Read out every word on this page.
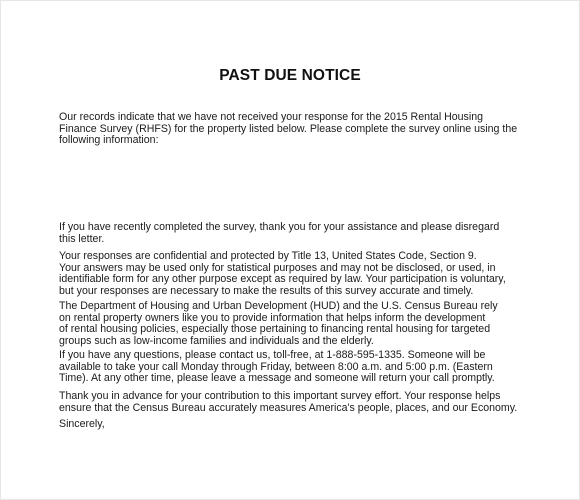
PAST DUE NOTICE

Our records indicate that we have not received your response for the 2015 Rental Housing
Finance Survey (RHFS) for the property listed below. Please complete the survey online using the
following information:

If you have recently completed the survey, thank you for your assistance and please disregard
this letter.

Your responses are confidential and protected by Title 13, United States Code, Section 9.
Your answers may be used only for statistical purposes and may not be disclosed, or used, in
identifiable form for any other purpose except as required by law. Your participation is voluntary,
but your responses are necessary to make the results of this survey accurate and timely.

The Department of Housing and Urban Development (HUD) and the U.S. Census Bureau rely
on rental property owners like you to provide information that helps inform the development
of rental housing policies, especially those pertaining to financing rental housing for targeted
groups such as low-income families and individuals and the elderly.

If you have any questions, please contact us, toll-free, at 1-888-595-1335. Someone will be
available to take your call Monday through Friday, between 8:00 a.m. and 5:00 p.m. (Eastern
Time). At any other time, please leave a message and someone will return your call promptly.

Thank you in advance for your contribution to this important survey effort. Your response helps
ensure that the Census Bureau accurately measures America's people, places, and our Economy.

Sincerely,
